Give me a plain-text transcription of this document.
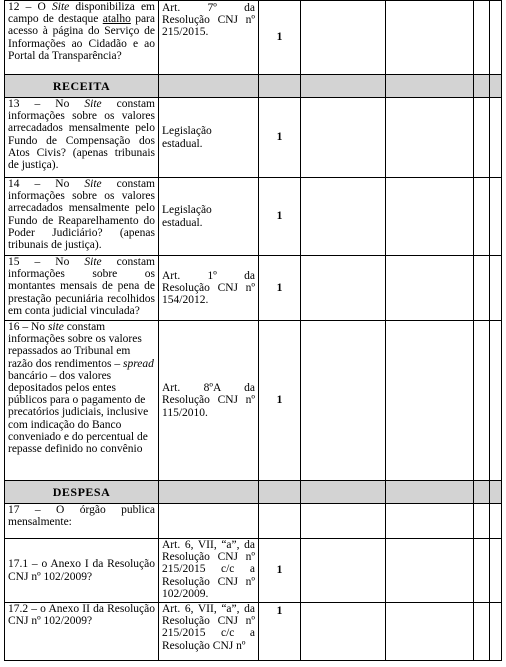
12 – O Site disponibiliza em campo de destaque atalho para acesso à página do Serviço de Informações ao Cidadão e ao Portal da Transparência?	Art. 7º da Resolução CNJ nº 215/2015.	1				
RECEITA						
13 – No Site constam informações sobre os valores arrecadados mensalmente pelo Fundo de Compensação dos Atos Civis? (apenas tribunais de justiça).	Legislação estadual.	1				
14 – No Site constam informações sobre os valores arrecadados mensalmente pelo Fundo de Reaparelhamento do Poder Judiciário? (apenas tribunais de justiça).	Legislação estadual.	1				
15 – No Site constam informações sobre os montantes mensais de pena de prestação pecuniária recolhidos em conta judicial vinculada?	Art. 1º da Resolução CNJ nº 154/2012.	1				
16 – No site constam informações sobre os valores repassados ao Tribunal em razão dos rendimentos – spread bancário – dos valores depositados pelos entes públicos para o pagamento de precatórios judiciais, inclusive com indicação do Banco conveniado e do percentual de repasse definido no convênio	Art. 8ºA da Resolução CNJ nº 115/2010.	1				
DESPESA						
17 – O órgão publica mensalmente:						
17.1 – o Anexo I da Resolução CNJ nº 102/2009?	Art. 6, VII, “a”, da Resolução CNJ nº 215/2015 c/c a Resolução CNJ nº 102/2009.	1				
17.2 – o Anexo II da Resolução CNJ nº 102/2009?	Art. 6, VII, “a”, da Resolução CNJ nº 215/2015 c/c a Resolução CNJ nº	1				
